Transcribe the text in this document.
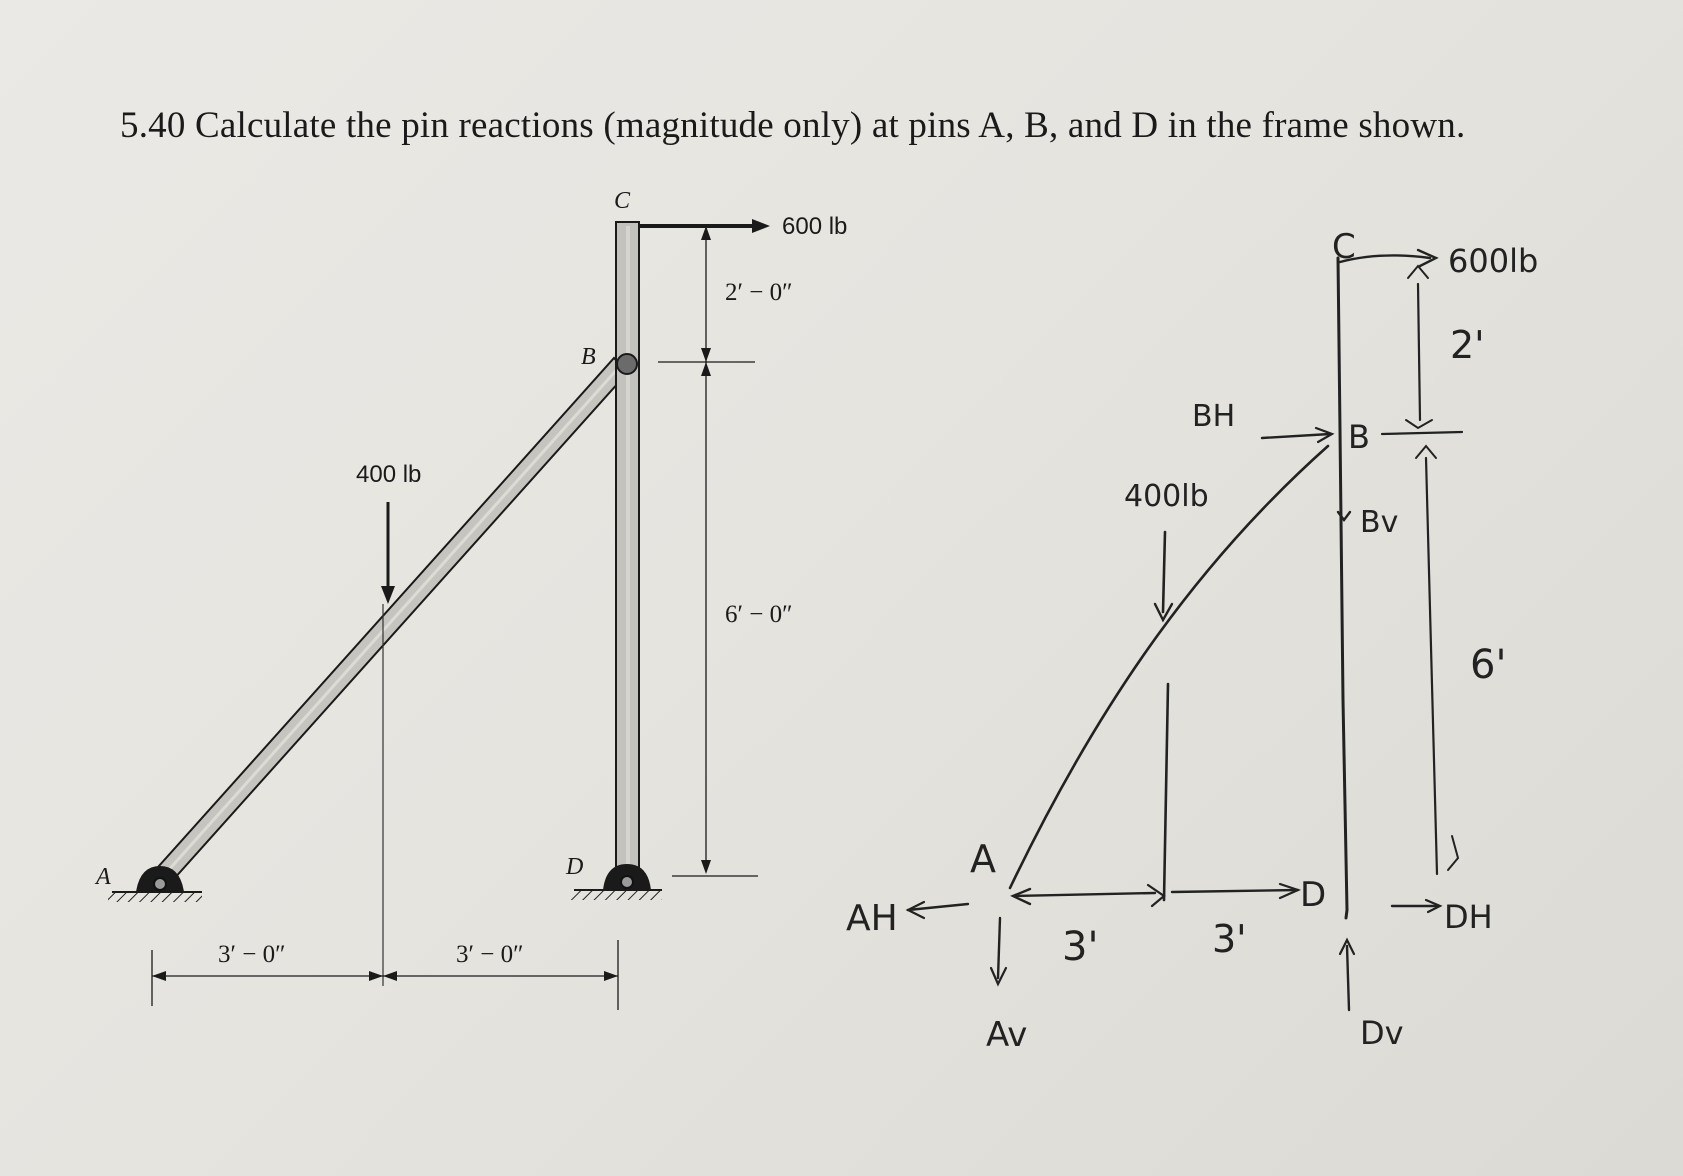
5.40 Calculate the pin reactions (magnitude only) at pins A, B, and D in the frame shown.
C
B
A	D
600 lb
400 lb
2′ − 0″
6′ − 0″
3′ − 0″	3′ − 0″
C	600lb
2'
B
BH
Bv
400lb
6'
A
AH
Av
3'	3'
D
DH
Dv
